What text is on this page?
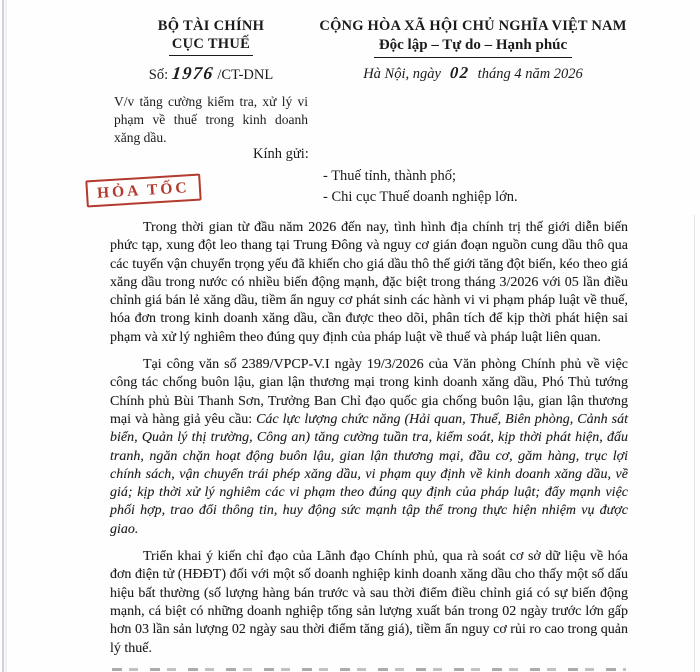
BỘ TÀI CHÍNH
CỤC THUẾ
Số: 1976 /CT-DNL
V/v tăng cường kiểm tra, xử lý vi phạm về thuế trong kinh doanh xăng dầu.
CỘNG HÒA XÃ HỘI CHỦ NGHĨA VIỆT NAM
Độc lập – Tự do – Hạnh phúc
Hà Nội, ngày 02 tháng 4 năm 2026
HỎA TỐC
Kính gửi:
- Thuế tỉnh, thành phố;
- Chi cục Thuế doanh nghiệp lớn.

Trong thời gian từ đầu năm 2026 đến nay, tình hình địa chính trị thế giới diễn biến phức tạp, xung đột leo thang tại Trung Đông và nguy cơ gián đoạn nguồn cung dầu thô qua các tuyến vận chuyển trọng yếu đã khiến cho giá dầu thô thế giới tăng đột biến, kéo theo giá xăng dầu trong nước có nhiều biến động mạnh, đặc biệt trong tháng 3/2026 với 05 lần điều chỉnh giá bán lẻ xăng dầu, tiềm ẩn nguy cơ phát sinh các hành vi vi phạm pháp luật về thuế, hóa đơn trong kinh doanh xăng dầu, cần được theo dõi, phân tích để kịp thời phát hiện sai phạm và xử lý nghiêm theo đúng quy định của pháp luật về thuế và pháp luật liên quan.

Tại công văn số 2389/VPCP-V.I ngày 19/3/2026 của Văn phòng Chính phủ về việc công tác chống buôn lậu, gian lận thương mại trong kinh doanh xăng dầu, Phó Thủ tướng Chính phủ Bùi Thanh Sơn, Trưởng Ban Chỉ đạo quốc gia chống buôn lậu, gian lận thương mại và hàng giả yêu cầu: Các lực lượng chức năng (Hải quan, Thuế, Biên phòng, Cảnh sát biển, Quản lý thị trường, Công an) tăng cường tuần tra, kiểm soát, kịp thời phát hiện, đấu tranh, ngăn chặn hoạt động buôn lậu, gian lận thương mại, đầu cơ, găm hàng, trục lợi chính sách, vận chuyển trái phép xăng dầu, vi phạm quy định về kinh doanh xăng dầu, về giá; kịp thời xử lý nghiêm các vi phạm theo đúng quy định của pháp luật; đẩy mạnh việc phối hợp, trao đổi thông tin, huy động sức mạnh tập thể trong thực hiện nhiệm vụ được giao.

Triển khai ý kiến chỉ đạo của Lãnh đạo Chính phủ, qua rà soát cơ sở dữ liệu về hóa đơn điện tử (HĐĐT) đối với một số doanh nghiệp kinh doanh xăng dầu cho thấy một số dấu hiệu bất thường (số lượng hàng bán trước và sau thời điểm điều chỉnh giá có sự biến động mạnh, cá biệt có những doanh nghiệp tổng sản lượng xuất bán trong 02 ngày trước lớn gấp hơn 03 lần sản lượng 02 ngày sau thời điểm tăng giá), tiềm ẩn nguy cơ rủi ro cao trong quản lý thuế.
